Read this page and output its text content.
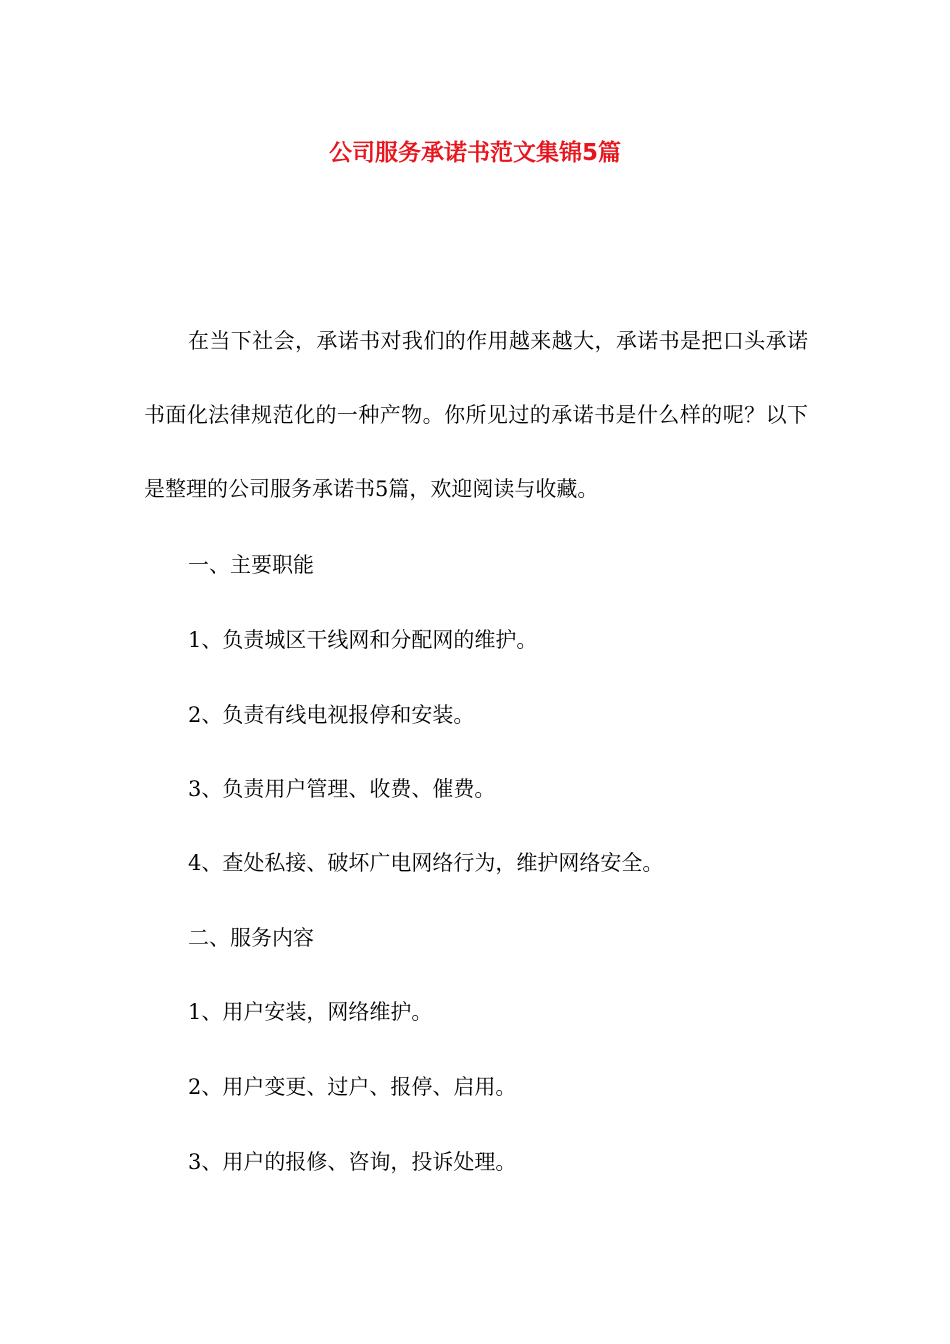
公司服务承诺书范文集锦5篇

在当下社会，承诺书对我们的作用越来越大，承诺书是把口头承诺书面化法律规范化的一种产物。你所见过的承诺书是什么样的呢？以下是整理的公司服务承诺书5篇，欢迎阅读与收藏。

一、主要职能

1、负责城区干线网和分配网的维护。

2、负责有线电视报停和安装。

3、负责用户管理、收费、催费。

4、查处私接、破坏广电网络行为，维护网络安全。

二、服务内容

1、用户安装，网络维护。

2、用户变更、过户、报停、启用。

3、用户的报修、咨询，投诉处理。
